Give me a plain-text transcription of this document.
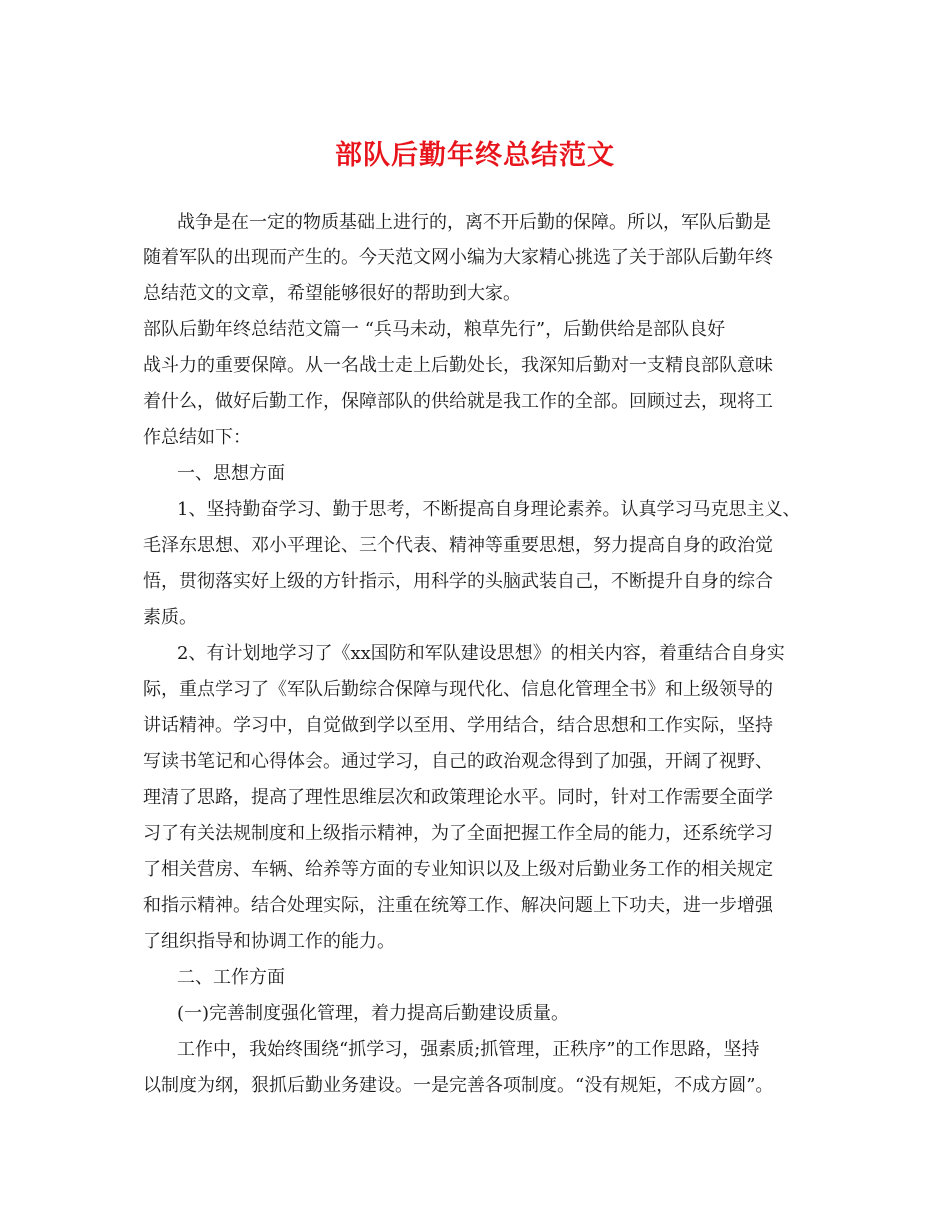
部队后勤年终总结范文
战争是在一定的物质基础上进行的，离不开后勤的保障。所以，军队后勤是
随着军队的出现而产生的。今天范文网小编为大家精心挑选了关于部队后勤年终
总结范文的文章，希望能够很好的帮助到大家。
部队后勤年终总结范文篇一 “兵马未动，粮草先行”，后勤供给是部队良好
战斗力的重要保障。从一名战士走上后勤处长，我深知后勤对一支精良部队意味
着什么，做好后勤工作，保障部队的供给就是我工作的全部。回顾过去，现将工
作总结如下：
一、思想方面
1、坚持勤奋学习、勤于思考，不断提高自身理论素养。认真学习马克思主义、
毛泽东思想、邓小平理论、三个代表、精神等重要思想，努力提高自身的政治觉
悟，贯彻落实好上级的方针指示，用科学的头脑武装自己，不断提升自身的综合
素质。
2、有计划地学习了《xx国防和军队建设思想》的相关内容，着重结合自身实
际，重点学习了《军队后勤综合保障与现代化、信息化管理全书》和上级领导的
讲话精神。学习中，自觉做到学以至用、学用结合，结合思想和工作实际，坚持
写读书笔记和心得体会。通过学习，自己的政治观念得到了加强，开阔了视野、
理清了思路，提高了理性思维层次和政策理论水平。同时，针对工作需要全面学
习了有关法规制度和上级指示精神，为了全面把握工作全局的能力，还系统学习
了相关营房、车辆、给养等方面的专业知识以及上级对后勤业务工作的相关规定
和指示精神。结合处理实际，注重在统筹工作、解决问题上下功夫，进一步增强
了组织指导和协调工作的能力。
二、工作方面
(一)完善制度强化管理，着力提高后勤建设质量。
工作中，我始终围绕“抓学习，强素质;抓管理，正秩序”的工作思路，坚持
以制度为纲，狠抓后勤业务建设。一是完善各项制度。“没有规矩，不成方圆”。
